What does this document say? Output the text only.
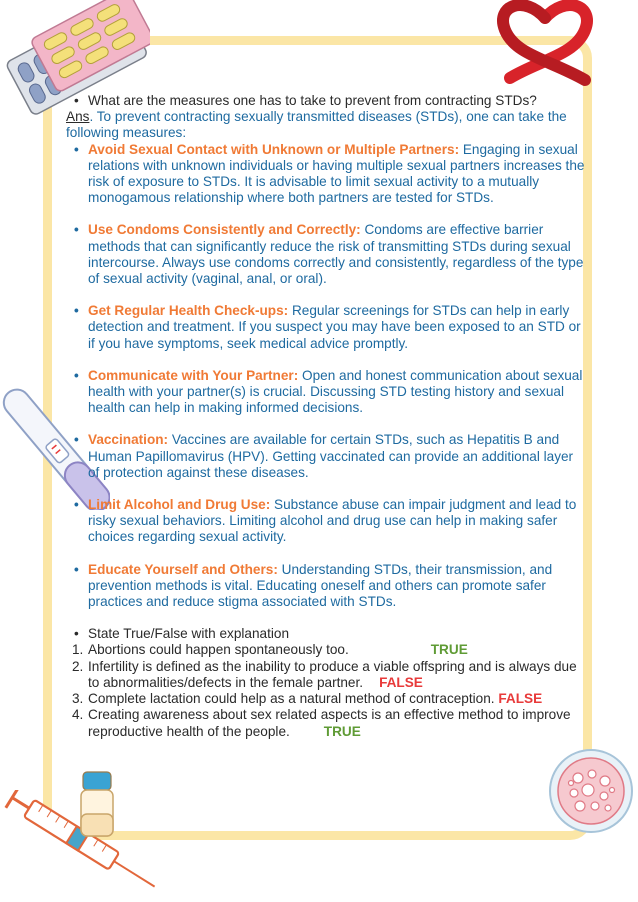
• What are the measures one has to take to prevent from contracting STDs?
Ans. To prevent contracting sexually transmitted diseases (STDs), one can take the following measures:
• Avoid Sexual Contact with Unknown or Multiple Partners: Engaging in sexual relations with unknown individuals or having multiple sexual partners increases the risk of exposure to STDs. It is advisable to limit sexual activity to a mutually monogamous relationship where both partners are tested for STDs.
• Use Condoms Consistently and Correctly: Condoms are effective barrier methods that can significantly reduce the risk of transmitting STDs during sexual intercourse. Always use condoms correctly and consistently, regardless of the type of sexual activity (vaginal, anal, or oral).
• Get Regular Health Check-ups: Regular screenings for STDs can help in early detection and treatment. If you suspect you may have been exposed to an STD or if you have symptoms, seek medical advice promptly.
• Communicate with Your Partner: Open and honest communication about sexual health with your partner(s) is crucial. Discussing STD testing history and sexual health can help in making informed decisions.
• Vaccination: Vaccines are available for certain STDs, such as Hepatitis B and Human Papillomavirus (HPV). Getting vaccinated can provide an additional layer of protection against these diseases.
• Limit Alcohol and Drug Use: Substance abuse can impair judgment and lead to risky sexual behaviors. Limiting alcohol and drug use can help in making safer choices regarding sexual activity.
• Educate Yourself and Others: Understanding STDs, their transmission, and prevention methods is vital. Educating oneself and others can promote safer practices and reduce stigma associated with STDs.
• State True/False with explanation
1. Abortions could happen spontaneously too.	TRUE
2. Infertility is defined as the inability to produce a viable offspring and is always due to abnormalities/defects in the female partner. FALSE
3. Complete lactation could help as a natural method of contraception. FALSE
4. Creating awareness about sex related aspects is an effective method to improve reproductive health of the people.	TRUE
